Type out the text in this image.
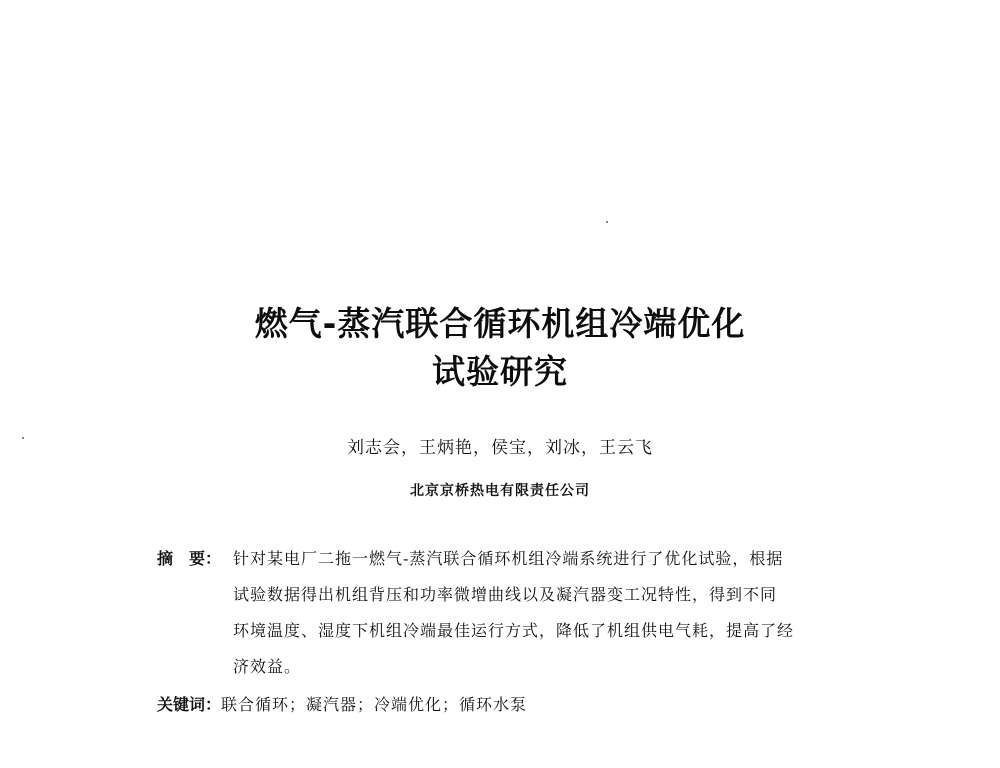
燃气-蒸汽联合循环机组冷端优化
试验研究
刘志会，王炳艳，侯宝，刘冰，王云飞
北京京桥热电有限责任公司
摘　要： 针对某电厂二拖一燃气-蒸汽联合循环机组冷端系统进行了优化试验，根据
试验数据得出机组背压和功率微增曲线以及凝汽器变工况特性，得到不同
环境温度、湿度下机组冷端最佳运行方式，降低了机组供电气耗，提高了经
济效益。
关键词：联合循环；凝汽器；冷端优化；循环水泵
